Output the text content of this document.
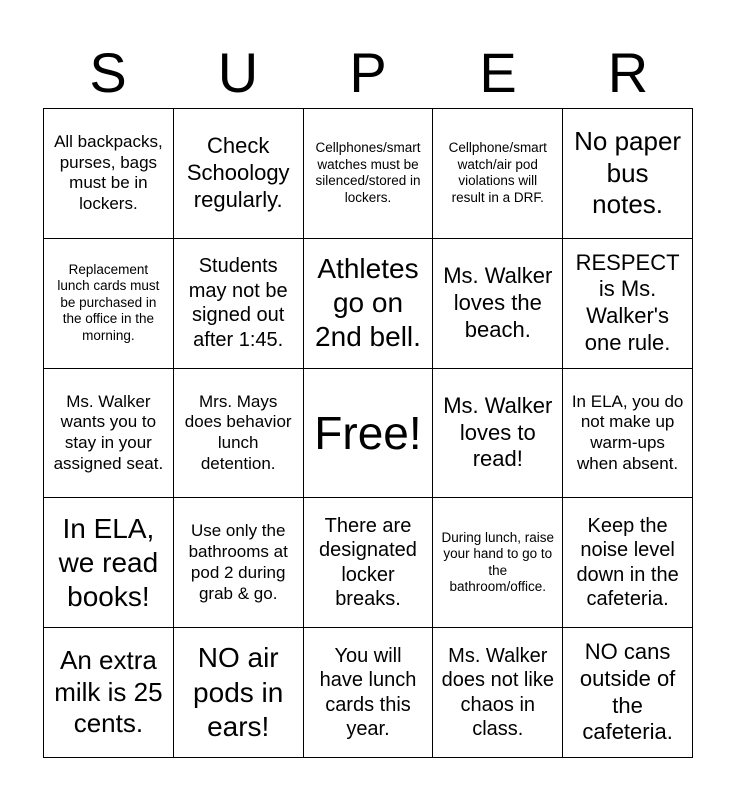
S	U	P	E	R
All backpacks, purses, bags must be in lockers.
Check Schoology regularly.
Cellphones/smart watches must be silenced/stored in lockers.
Cellphone/smart watch/air pod violations will result in a DRF.
No paper bus notes.
Replacement lunch cards must be purchased in the office in the morning.
Students may not be signed out after 1:45.
Athletes go on 2nd bell.
Ms. Walker loves the beach.
RESPECT is Ms. Walker's one rule.
Ms. Walker wants you to stay in your assigned seat.
Mrs. Mays does behavior lunch detention.
Free!
Ms. Walker loves to read!
In ELA, you do not make up warm-ups when absent.
In ELA, we read books!
Use only the bathrooms at pod 2 during grab & go.
There are designated locker breaks.
During lunch, raise your hand to go to the bathroom/office.
Keep the noise level down in the cafeteria.
An extra milk is 25 cents.
NO air pods in ears!
You will have lunch cards this year.
Ms. Walker does not like chaos in class.
NO cans outside of the cafeteria.
